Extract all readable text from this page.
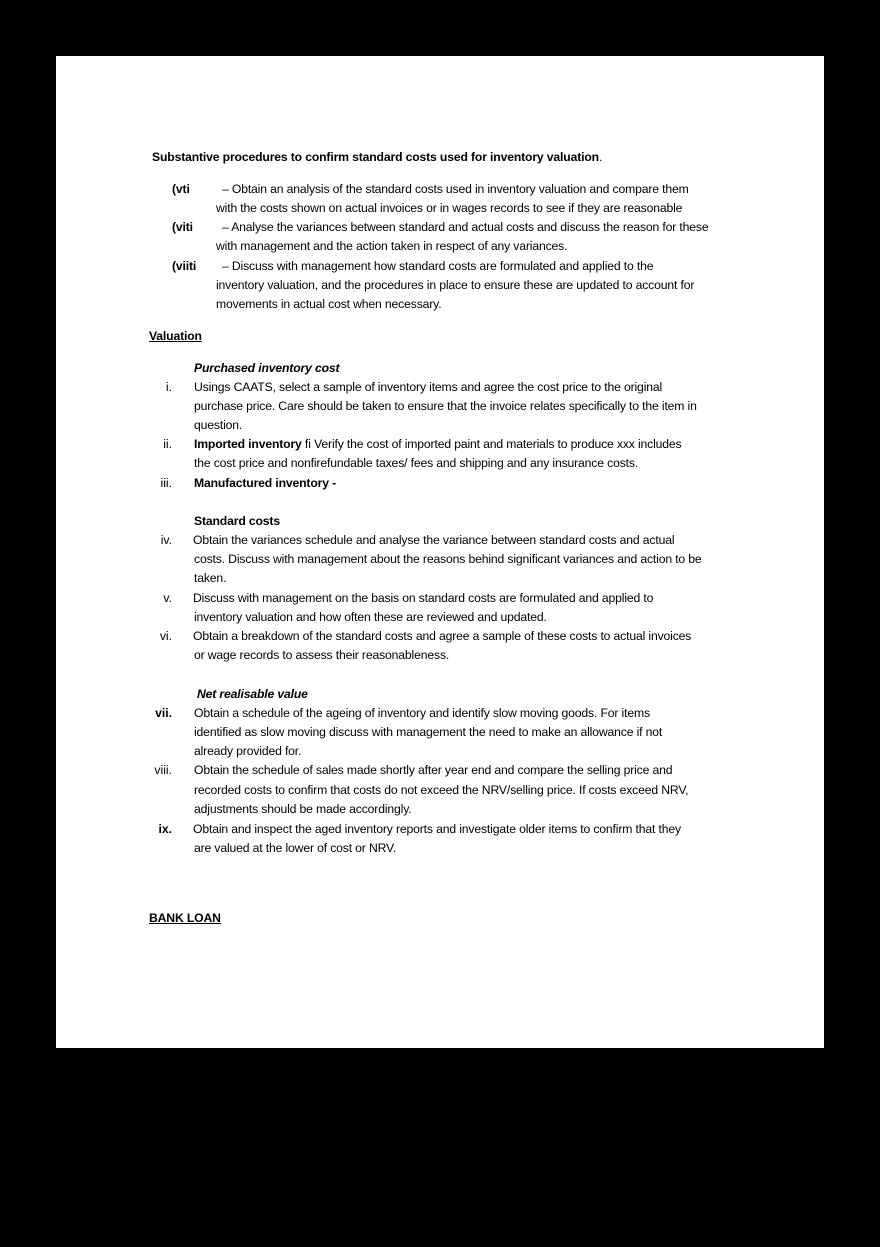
Substantive procedures to confirm standard costs used for inventory valuation.
(vti	– Obtain an analysis of the standard costs used in inventory valuation and compare them
with the costs shown on actual invoices or in wages records to see if they are reasonable
(viti – Analyse the variances between standard and actual costs and discuss the reason for these
with management and the action taken in respect of any variances.
(viiti – Discuss with management how standard costs are formulated and applied to the
inventory valuation, and the procedures in place to ensure these are updated to account for
movements in actual cost when necessary.
Valuation
Purchased inventory cost
i. Usings CAATS, select a sample of inventory items and agree the cost price to the original
purchase price. Care should be taken to ensure that the invoice relates specifically to the item in
question.
ii. Imported inventory ﬁ Verify the cost of imported paint and materials to produce xxx includes
the cost price and nonfirefundable taxes/ fees and shipping and any insurance costs.
iii. Manufactured inventory -
Standard costs
iv. Obtain the variances schedule and analyse the variance between standard costs and actual
costs. Discuss with management about the reasons behind significant variances and action to be
taken.
v. Discuss with management on the basis on standard costs are formulated and applied to
inventory valuation and how often these are reviewed and updated.
vi. Obtain a breakdown of the standard costs and agree a sample of these costs to actual invoices
or wage records to assess their reasonableness.
Net realisable value
vii. Obtain a schedule of the ageing of inventory and identify slow moving goods. For items
identified as slow moving discuss with management the need to make an allowance if not
already provided for.
viii. Obtain the schedule of sales made shortly after year end and compare the selling price and
recorded costs to confirm that costs do not exceed the NRV/selling price. If costs exceed NRV,
adjustments should be made accordingly.
ix. Obtain and inspect the aged inventory reports and investigate older items to confirm that they
are valued at the lower of cost or NRV.
BANK LOAN
